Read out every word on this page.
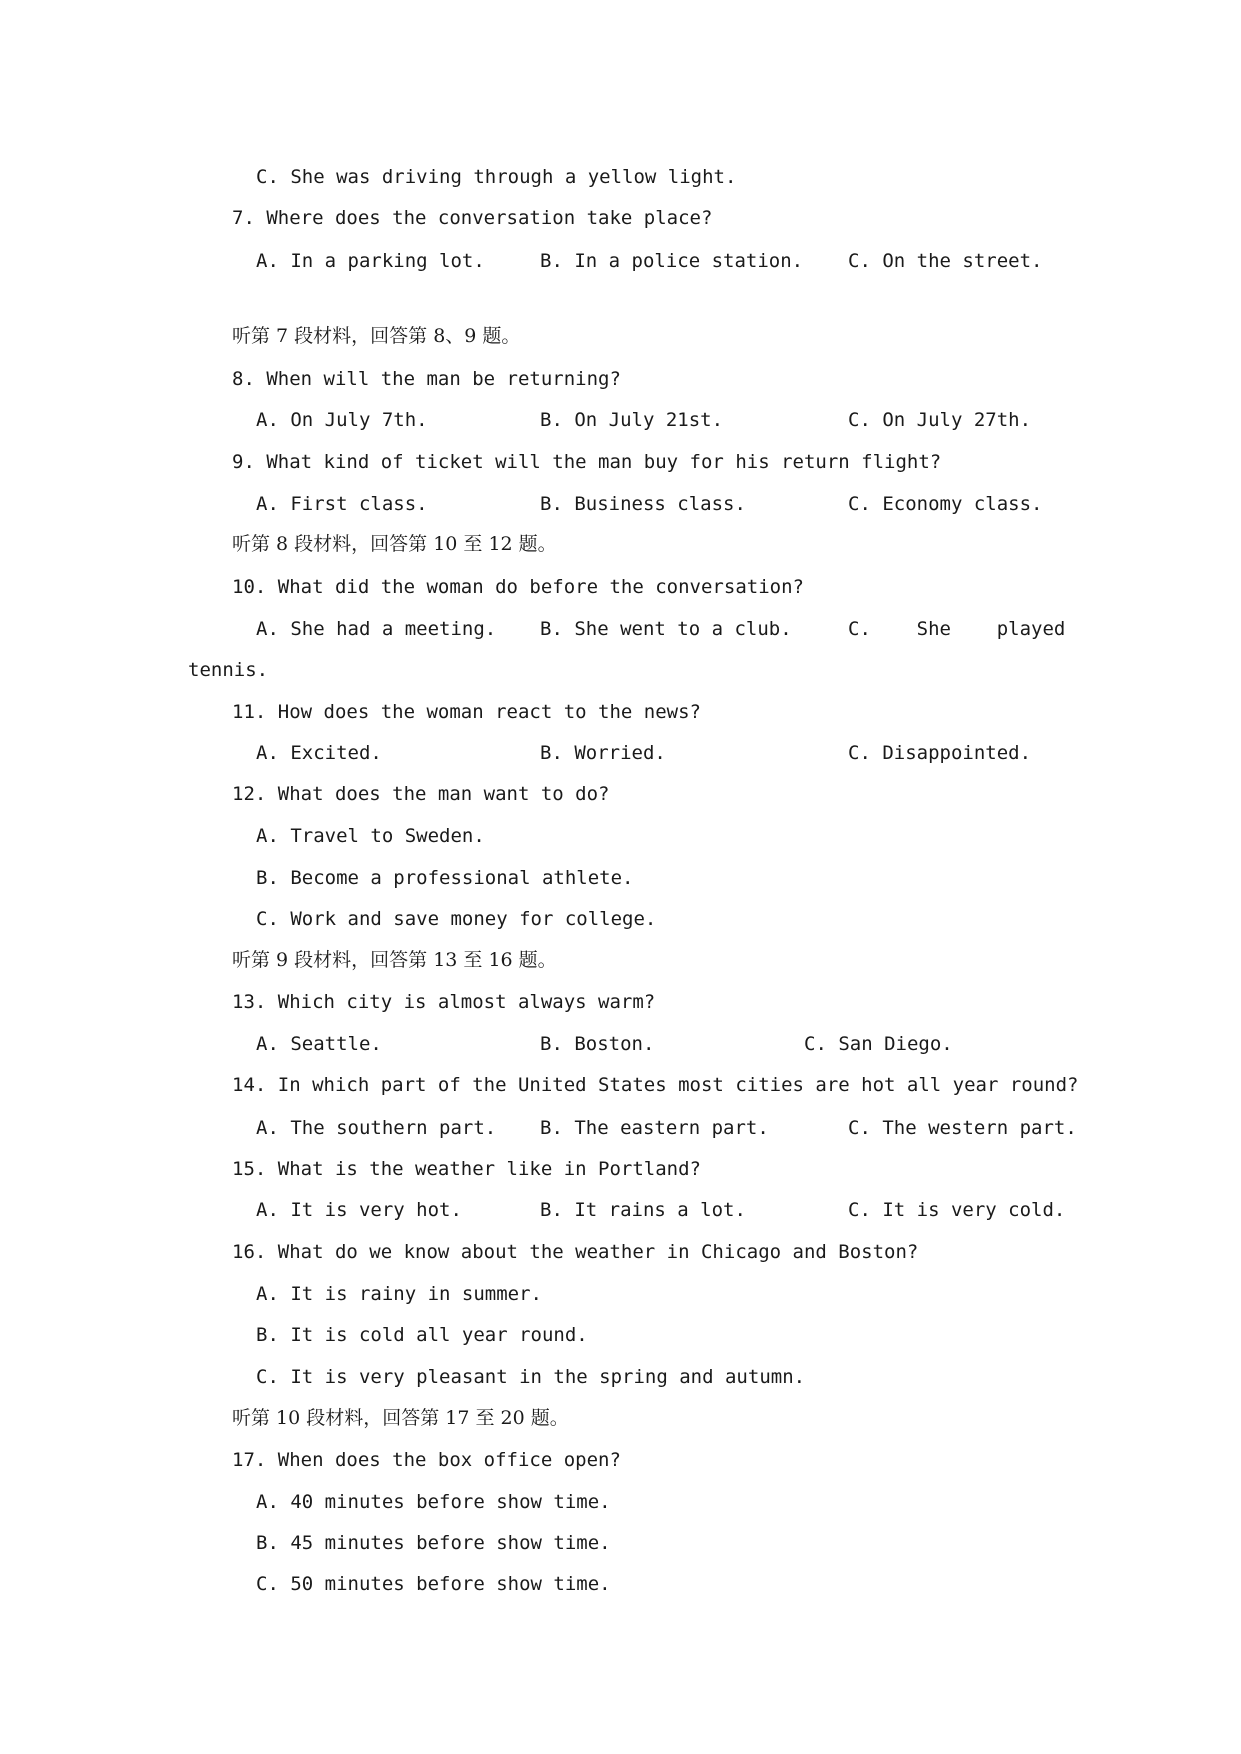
C. She was driving through a yellow light.
7. Where does the conversation take place?
A. In a parking lot.	B. In a police station. C. On the street.
听第 7 段材料，回答第 8、9 题。
8. When will the man be returning?
A. On July 7th.	B. On July 21st.	C. On July 27th.
9. What kind of ticket will the man buy for his return flight?
A. First class.	B. Business class.	C. Economy class.
听第 8 段材料，回答第 10 至 12 题。
10. What did the woman do before the conversation?
A. She had a meeting. B. She went to a club.	C.    She    played
tennis.
11. How does the woman react to the news?
A. Excited.	B. Worried.	C. Disappointed.
12. What does the man want to do?
A. Travel to Sweden.
B. Become a professional athlete.
C. Work and save money for college.
听第 9 段材料，回答第 13 至 16 题。
13. Which city is almost always warm?
A. Seattle.	B. Boston.	C. San Diego.
14. In which part of the United States most cities are hot all year round?
A. The southern part. B. The eastern part.	C. The western part.
15. What is the weather like in Portland?
A. It is very hot.	B. It rains a lot.	C. It is very cold.
16. What do we know about the weather in Chicago and Boston?
A. It is rainy in summer.
B. It is cold all year round.
C. It is very pleasant in the spring and autumn.
听第 10 段材料，回答第 17 至 20 题。
17. When does the box office open?
A. 40 minutes before show time.
B. 45 minutes before show time.
C. 50 minutes before show time.
